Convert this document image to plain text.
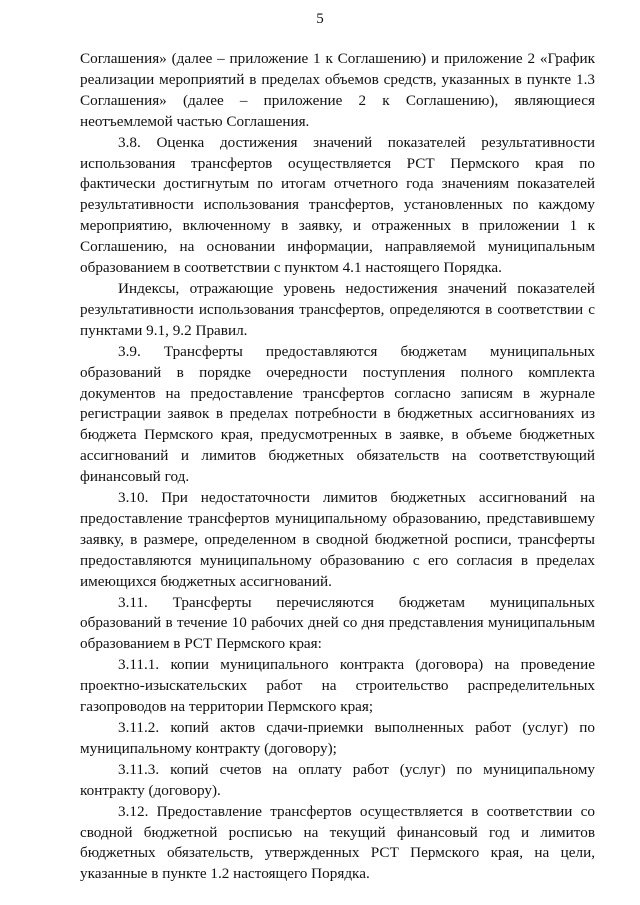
5

Соглашения» (далее – приложение 1 к Соглашению) и приложение 2 «График реализации мероприятий в пределах объемов средств, указанных в пункте 1.3 Соглашения» (далее – приложение 2 к Соглашению), являющиеся неотъемлемой частью Соглашения.

3.8. Оценка достижения значений показателей результативности использования трансфертов осуществляется РСТ Пермского края по фактически достигнутым по итогам отчетного года значениям показателей результативности использования трансфертов, установленных по каждому мероприятию, включенному в заявку, и отраженных в приложении 1 к Соглашению, на основании информации, направляемой муниципальным образованием в соответствии с пунктом 4.1 настоящего Порядка.

Индексы, отражающие уровень недостижения значений показателей результативности использования трансфертов, определяются в соответствии с пунктами 9.1, 9.2 Правил.

3.9. Трансферты предоставляются бюджетам муниципальных образований в порядке очередности поступления полного комплекта документов на предоставление трансфертов согласно записям в журнале регистрации заявок в пределах потребности в бюджетных ассигнованиях из бюджета Пермского края, предусмотренных в заявке, в объеме бюджетных ассигнований и лимитов бюджетных обязательств на соответствующий финансовый год.

3.10. При недостаточности лимитов бюджетных ассигнований на предоставление трансфертов муниципальному образованию, представившему заявку, в размере, определенном в сводной бюджетной росписи, трансферты предоставляются муниципальному образованию с его согласия в пределах имеющихся бюджетных ассигнований.

3.11. Трансферты перечисляются бюджетам муниципальных образований в течение 10 рабочих дней со дня представления муниципальным образованием в РСТ Пермского края:

3.11.1. копии муниципального контракта (договора) на проведение проектно-изыскательских работ на строительство распределительных газопроводов на территории Пермского края;

3.11.2. копий актов сдачи-приемки выполненных работ (услуг) по муниципальному контракту (договору);

3.11.3. копий счетов на оплату работ (услуг) по муниципальному контракту (договору).

3.12. Предоставление трансфертов осуществляется в соответствии со сводной бюджетной росписью на текущий финансовый год и лимитов бюджетных обязательств, утвержденных РСТ Пермского края, на цели, указанные в пункте 1.2 настоящего Порядка.
